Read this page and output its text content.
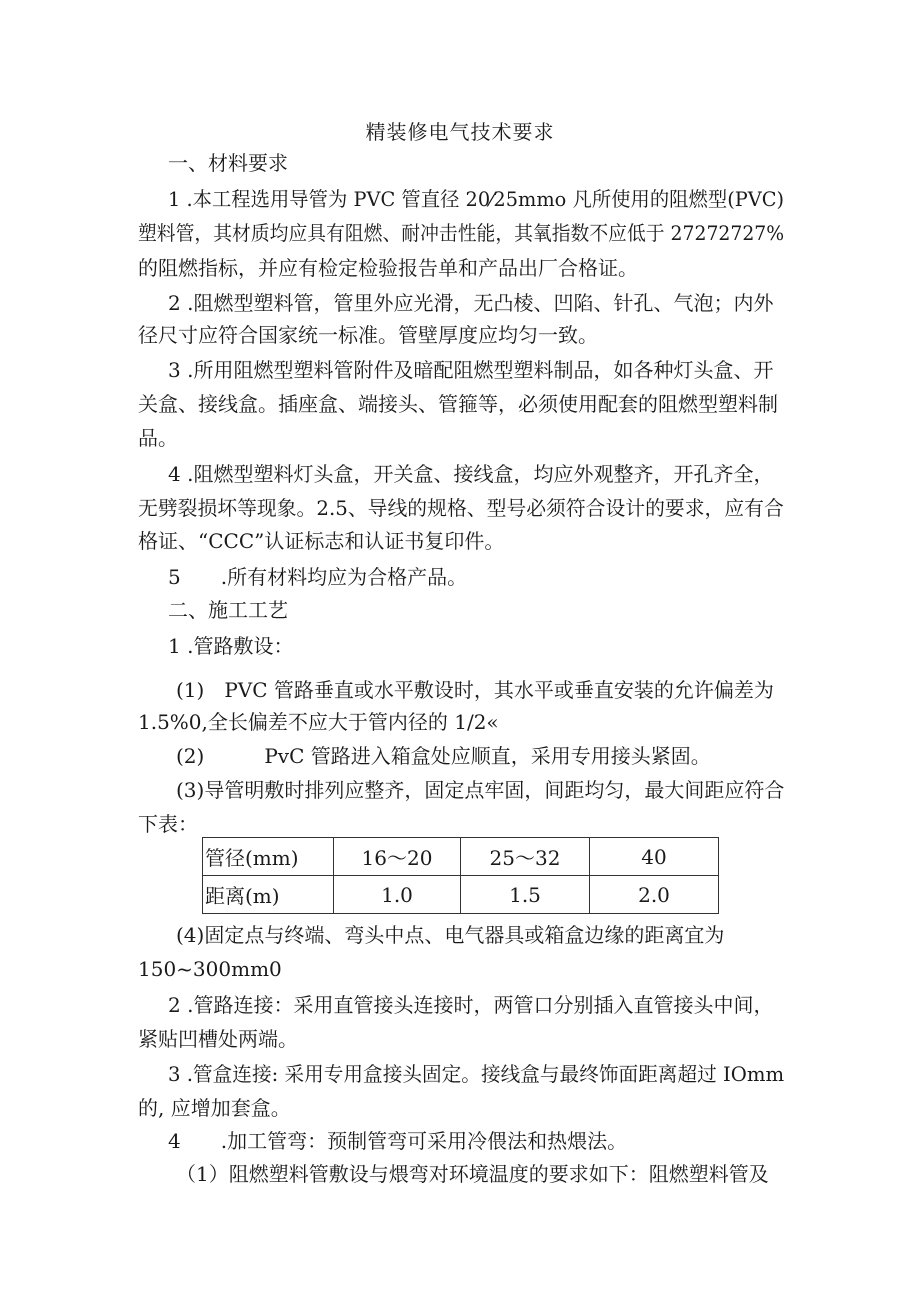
精装修电气技术要求
一、材料要求
1 .本工程选用导管为 PVC 管直径 20⁄25mmo 凡所使用的阻燃型(PVC)
塑料管，其材质均应具有阻燃、耐冲击性能，其氧指数不应低于 27272727%
的阻燃指标，并应有检定检验报告单和产品出厂合格证。
2 .阻燃型塑料管，管里外应光滑，无凸棱、凹陷、针孔、气泡；内外
径尺寸应符合国家统一标准。管壁厚度应均匀一致。
3 .所用阻燃型塑料管附件及暗配阻燃型塑料制品，如各种灯头盒、开
关盒、接线盒。插座盒、端接头、管箍等，必须使用配套的阻燃型塑料制
品。
4 .阻燃型塑料灯头盒，开关盒、接线盒，均应外观整齐，开孔齐全，
无劈裂损坏等现象。2.5、导线的规格、型号必须符合设计的要求，应有合
格证、“CCC”认证标志和认证书复印件。
5　　.所有材料均应为合格产品。
二、施工工艺
1 .管路敷设：
(1)　PVC 管路垂直或水平敷设时，其水平或垂直安装的允许偏差为
1.5%0,全长偏差不应大于管内径的 1/2«
(2)　　　PvC 管路进入箱盒处应顺直，采用专用接头紧固。
(3)导管明敷时排列应整齐，固定点牢固，间距均匀，最大间距应符合
下表：
管径(mm)	16～20	25～32	40
距离(m)	1.0	1.5	2.0
(4)固定点与终端、弯头中点、电气器具或箱盒边缘的距离宜为
150~300mm0
2 .管路连接：采用直管接头连接时，两管口分别插入直管接头中间，
紧贴凹槽处两端。
3 .管盒连接: 采用专用盒接头固定。接线盒与最终饰面距离超过 IOmm
的, 应增加套盒。
4　　.加工管弯：预制管弯可采用冷偎法和热煨法。
（1）阻燃塑料管敷设与煨弯对环境温度的要求如下：阻燃塑料管及
